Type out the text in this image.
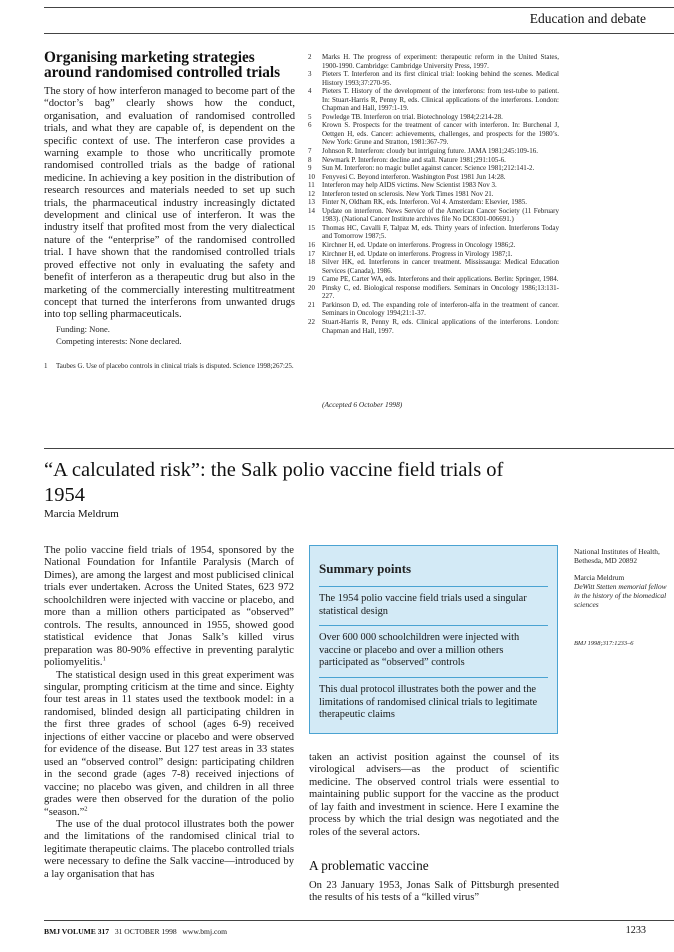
Education and debate
Organising marketing strategies around randomised controlled trials

The story of how interferon managed to become part of the “doctor’s bag” clearly shows how the conduct, organisation, and evaluation of randomised controlled trials, and what they are capable of, is dependent on the specific context of use. The interferon case provides a warning example to those who uncritically promote randomised controlled trials as the badge of rational medicine. In achieving a key position in the distribution of research resources and materials needed to set up such trials, the pharmaceutical industry increasingly dictated development and clinical use of interferon. It was the industry itself that profited most from the very dialectical nature of the “enterprise” of the randomised controlled trial. I have shown that the randomised controlled trials proved effective not only in evaluating the safety and benefit of interferon as a therapeutic drug but also in the marketing of the commercially interesting multitreatment concept that turned the interferons from unwanted drugs into top selling pharmaceuticals.

Funding: None.
Competing interests: None declared.
1	Taubes G. Use of placebo controls in clinical trials is disputed. Science 1998;267:25.
2	Marks H. The progress of experiment: therapeutic reform in the United States, 1900-1990. Cambridge: Cambridge University Press, 1997.
3	Pieters T. Interferon and its first clinical trial: looking behind the scenes. Medical History 1993;37:270-95.
4	Pieters T. History of the development of the interferons: from test-tube to patient. In: Stuart-Harris R, Penny R, eds. Clinical applications of the interferons. London: Chapman and Hall, 1997:1-19.
5	Powledge TB. Interferon on trial. Biotechnology 1984;2:214-28.
6	Krown S. Prospects for the treatment of cancer with interferon. In: Burchenal J, Oettgen H, eds. Cancer: achievements, challenges, and prospects for the 1980’s. New York: Grune and Stratton, 1981:367-79.
7	Johnson R. Interferon: cloudy but intriguing future. JAMA 1981;245:109-16.
8	Newmark P. Interferon: decline and stall. Nature 1981;291:105-6.
9	Sun M. Interferon: no magic bullet against cancer. Science 1981;212:141-2.
10	Fenyvesi C. Beyond interferon. Washington Post 1981 Jun 14:28.
11	Interferon may help AIDS victims. New Scientist 1983 Nov 3.
12	Interferon tested on sclerosis. New York Times 1981 Nov 21.
13	Finter N, Oldham RK, eds. Interferon. Vol 4. Amsterdam: Elsevier, 1985.
14	Update on interferon. News Service of the American Cancer Society (11 February 1983). (National Cancer Institute archives file No DC8301-006691.)
15	Thomas HC, Cavalli F, Talpaz M, eds. Thirty years of infection. Interferons Today and Tomorrow 1987;5.
16	Kirchner H, ed. Update on interferons. Progress in Oncology 1986;2.
17	Kirchner H, ed. Update on interferons. Progress in Virology 1987;1.
18	Silver HK, ed. Interferons in cancer treatment. Mississauga: Medical Education Services (Canada), 1986.
19	Came PE, Carter WA, eds. Interferons and their applications. Berlin: Springer, 1984.
20	Pinsky C, ed. Biological response modifiers. Seminars in Oncology 1986;13:131-227.
21	Parkinson D, ed. The expanding role of interferon-alfa in the treatment of cancer. Seminars in Oncology 1994;21:1-37.
22	Stuart-Harris R, Penny R, eds. Clinical applications of the interferons. London: Chapman and Hall, 1997.
(Accepted 6 October 1998)
“A calculated risk”: the Salk polio vaccine field trials of 1954
Marcia Meldrum

The polio vaccine field trials of 1954, sponsored by the National Foundation for Infantile Paralysis (March of Dimes), are among the largest and most publicised clinical trials ever undertaken. Across the United States, 623 972 schoolchildren were injected with vaccine or placebo, and more than a million others participated as “observed” controls. The results, announced in 1955, showed good statistical evidence that Jonas Salk’s killed virus preparation was 80-90% effective in preventing paralytic poliomyelitis.$^1$

The statistical design used in this great experiment was singular, prompting criticism at the time and since. Eighty four test areas in 11 states used the textbook model: in a randomised, blinded design all participating children in the first three grades of school (ages 6-9) received injections of either vaccine or placebo and were observed for evidence of the disease. But 127 test areas in 33 states used an “observed control” design: participating children in the second grade (ages 7-8) received injections of vaccine; no placebo was given, and children in all three grades were then observed for the duration of the polio “season.”$^2$

The use of the dual protocol illustrates both the power and the limitations of the randomised clinical trial to legitimate therapeutic claims. The placebo controlled trials were necessary to define the Salk vaccine—introduced by a lay organisation that has

Summary points
The 1954 polio vaccine field trials used a singular statistical design
Over 600 000 schoolchildren were injected with vaccine or placebo and over a million others participated as “observed” controls
This dual protocol illustrates both the power and the limitations of randomised clinical trials to legitimate therapeutic claims
taken an activist position against the counsel of its virological advisers—as the product of scientific medicine. The observed control trials were essential to maintaining public support for the vaccine as the product of lay faith and investment in science. Here I examine the process by which the trial design was negotiated and the roles of the several actors.
A problematic vaccine
On 23 January 1953, Jonas Salk of Pittsburgh presented the results of his tests of a “killed virus”
National Institutes of Health, Bethesda, MD 20892
Marcia Meldrum
DeWitt Stetten memorial fellow in the history of the biomedical sciences
BMJ 1998;317:1233–6
BMJ VOLUME 317 31 OCTOBER 1998 www.bmj.com	1233
